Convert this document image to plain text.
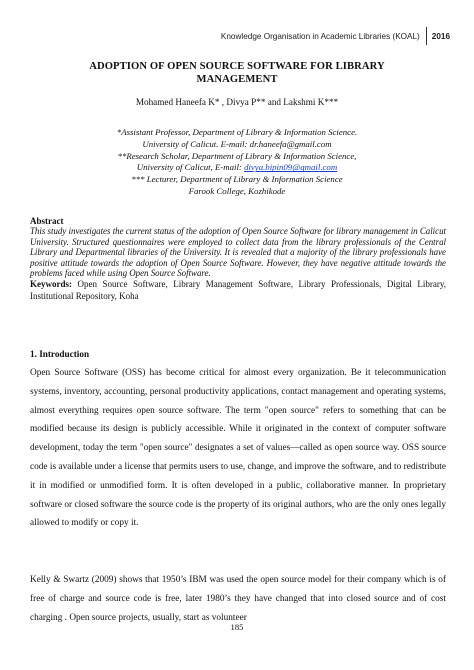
Knowledge Organisation in Academic Libraries (KOAL)	2016
ADOPTION OF OPEN SOURCE SOFTWARE FOR LIBRARY
MANAGEMENT
Mohamed Haneefa K* , Divya P** and Lakshmi K***
*Assistant Professor, Department of Library & Information Science.
University of Calicut. E-mail: dr.haneefa@gmail.com
**Research Scholar, Department of Library & Information Science,
University of Calicut, E-mail: divya.bipin09@gmail.com
*** Lecturer, Department of Library & Information Science
Farook College, Kozhikode
Abstract
This study investigates the current status of the adoption of Open Source Software for library management in Calicut University. Structured questionnaires were employed to collect data from the library professionals of the Central Library and Departmental libraries of the University. It is revealed that a majority of the library professionals have positive attitude towards the adoption of Open Source Software. However, they have negative attitude towards the problems faced while using Open Source Software.
Keywords: Open Source Software, Library Management Software, Library Professionals, Digital Library, Institutional Repository, Koha
1. Introduction
Open Source Software (OSS) has become critical for almost every organization. Be it telecommunication systems, inventory, accounting, personal productivity applications, contact management and operating systems, almost everything requires open source software. The term "open source" refers to something that can be modified because its design is publicly accessible. While it originated in the context of computer software development, today the term "open source" designates a set of values—called as open source way. OSS source code is available under a license that permits users to use, change, and improve the software, and to redistribute it in modified or unmodified form. It is often developed in a public, collaborative manner. In proprietary software or closed software the source code is the property of its original authors, who are the only ones legally allowed to modify or copy it.
Kelly & Swartz (2009) shows that 1950’s IBM was used the open source model for their company which is of free of charge and source code is free, later 1980’s they have changed that into closed source and of cost charging . Open source projects, usually, start as volunteer
185
